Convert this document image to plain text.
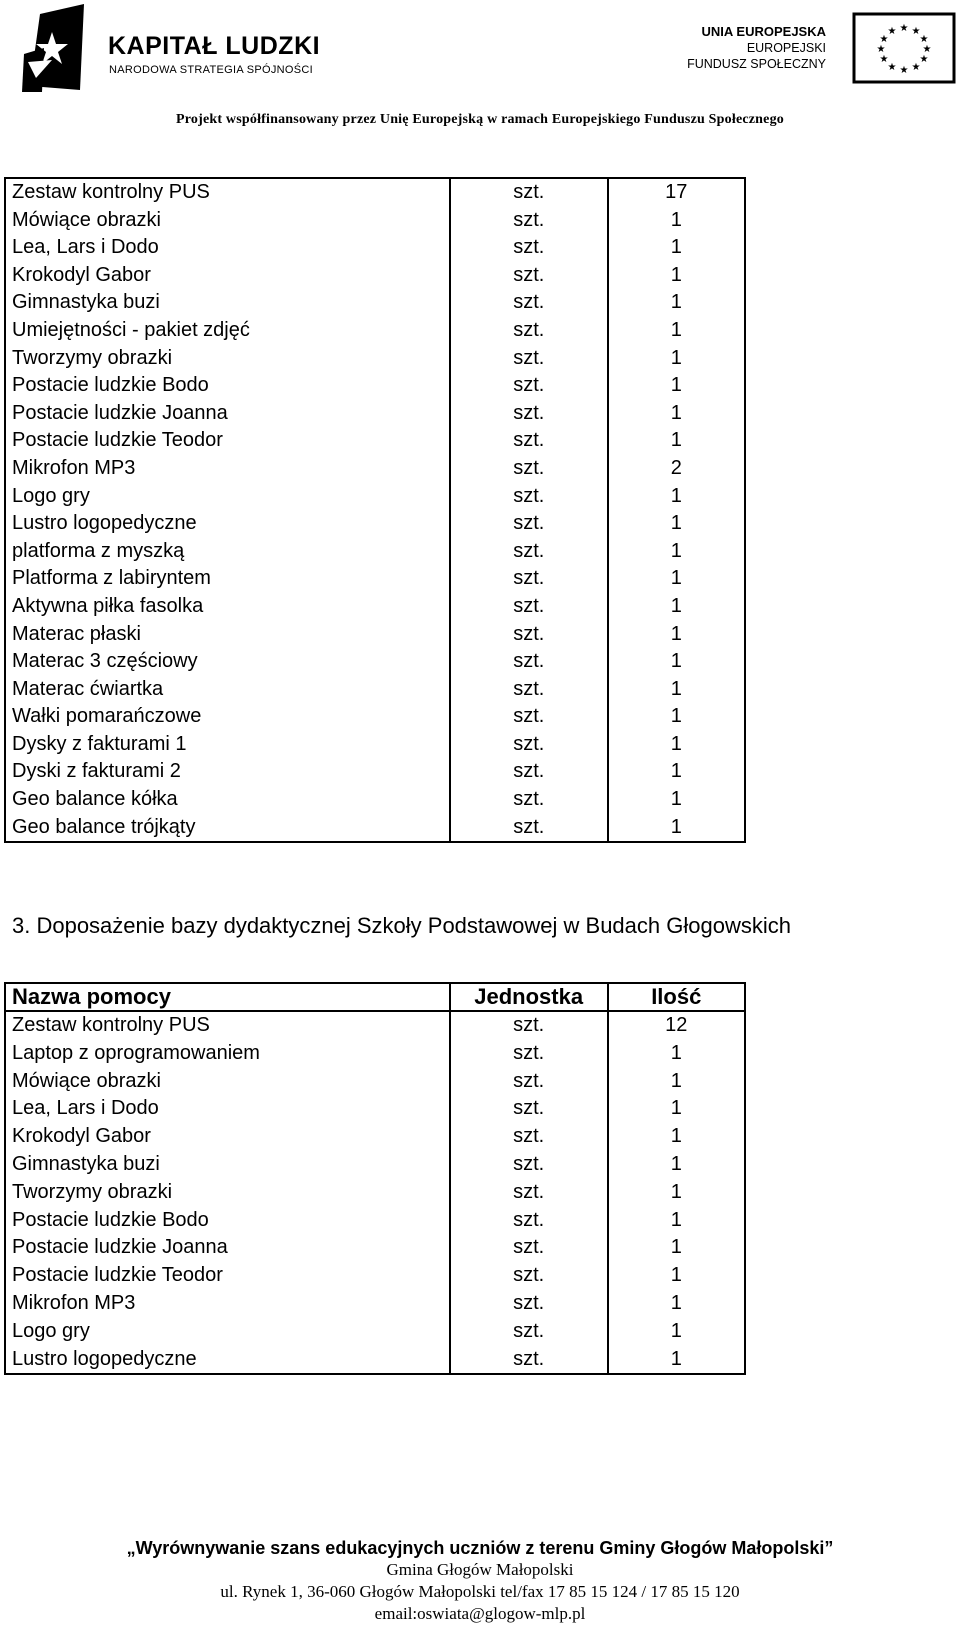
KAPITAŁ LUDZKI
NARODOWA STRATEGIA SPÓJNOŚCI
UNIA EUROPEJSKA
EUROPEJSKI
FUNDUSZ SPOŁECZNY
★ ★
★
★
★
★
★
★
★
★
★
★
Projekt współfinansowany przez Unię Europejską w ramach Europejskiego Funduszu Społecznego
Zestaw kontrolny PUS	szt.	17
Mówiące obrazki	szt.	1
Lea, Lars i Dodo	szt.	1
Krokodyl Gabor	szt.	1
Gimnastyka buzi	szt.	1
Umiejętności - pakiet zdjęć	szt.	1
Tworzymy obrazki	szt.	1
Postacie ludzkie Bodo	szt.	1
Postacie ludzkie Joanna	szt.	1
Postacie ludzkie Teodor	szt.	1
Mikrofon MP3	szt.	2
Logo gry	szt.	1
Lustro logopedyczne	szt.	1
platforma z myszką	szt.	1
Platforma z labiryntem	szt.	1
Aktywna piłka fasolka	szt.	1
Materac płaski	szt.	1
Materac 3 częściowy	szt.	1
Materac ćwiartka	szt.	1
Wałki pomarańczowe	szt.	1
Dysky z fakturami 1	szt.	1
Dyski z fakturami 2	szt.	1
Geo balance kółka	szt.	1
Geo balance trójkąty	szt.	1
3. Doposażenie bazy dydaktycznej Szkoły Podstawowej w Budach Głogowskich
Nazwa pomocy	Jednostka	Ilość
Zestaw kontrolny PUS	szt.	12
Laptop z oprogramowaniem	szt.	1
Mówiące obrazki	szt.	1
Lea, Lars i Dodo	szt.	1
Krokodyl Gabor	szt.	1
Gimnastyka buzi	szt.	1
Tworzymy obrazki	szt.	1
Postacie ludzkie Bodo	szt.	1
Postacie ludzkie Joanna	szt.	1
Postacie ludzkie Teodor	szt.	1
Mikrofon MP3	szt.	1
Logo gry	szt.	1
Lustro logopedyczne	szt.	1
„Wyrównywanie szans edukacyjnych uczniów z terenu Gminy Głogów Małopolski”
Gmina Głogów Małopolski
ul. Rynek 1, 36-060 Głogów Małopolski tel/fax 17 85 15 124 / 17 85 15 120
email:oswiata@glogow-mlp.pl
